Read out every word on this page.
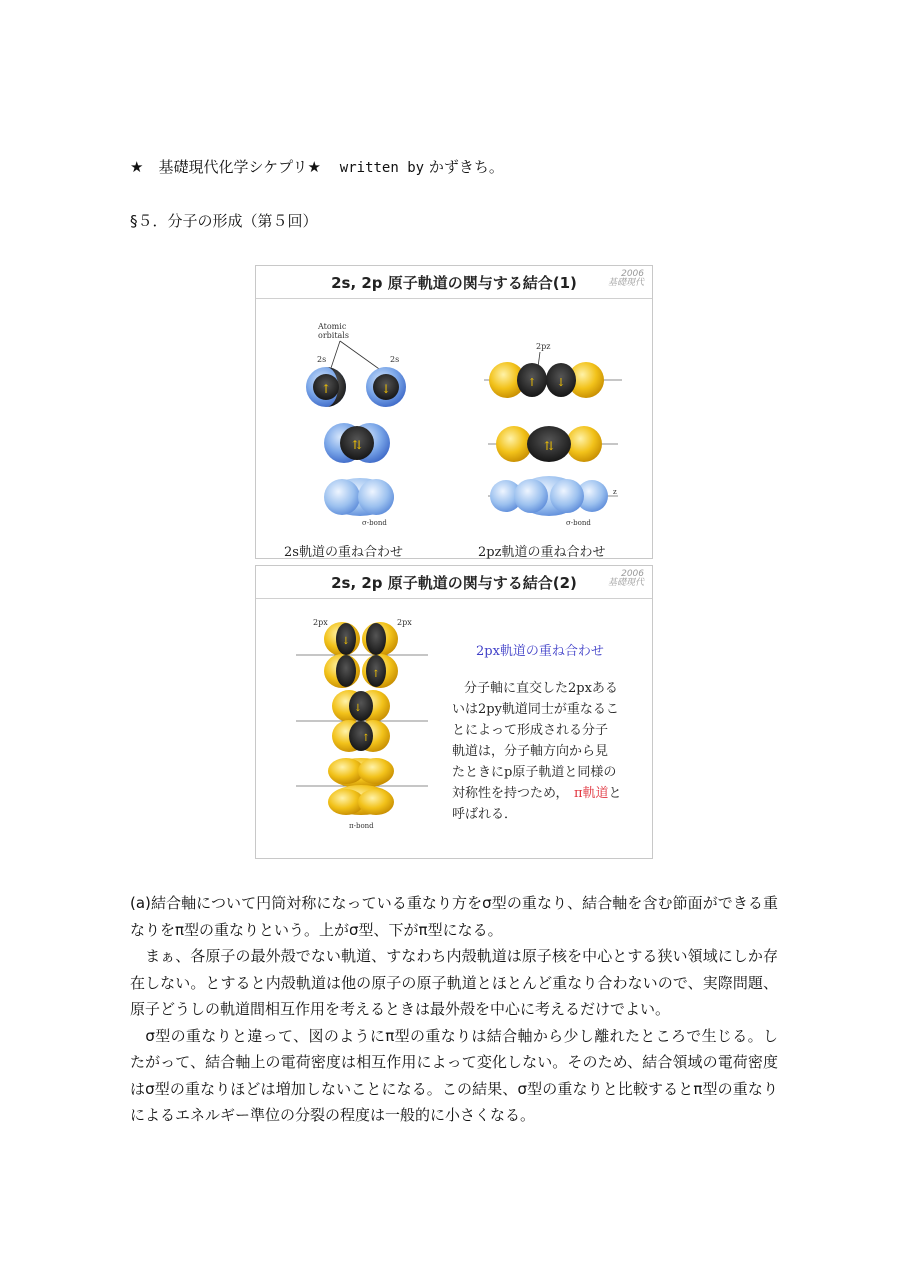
★　基礎現代化学シケプリ★ written by かずきち。
§５．分子の形成（第５回）
2s, 2p 原子軌道の関与する結合(1)	2006
基礎現代
Atomic
orbitals
2s	2s
↑	↓
⇅
σ-bond
2s軌道の重ね合わせ
2pz
↑ ↓
⇅
z
σ-bond
2pz軌道の重ね合わせ
2s, 2p 原子軌道の関与する結合(2)	2006
基礎現代
2px	2px
↓
↑
↓
↑
π-bond
2px軌道の重ね合わせ
分子軸に直交した2pxある いは2py軌道同士が重なるこ とによって形成される分子 軌道は，分子軸方向から見 たときにp原子軌道と同様の 対称性を持つため， 呼ばれる．
π軌道と

(a)結合軸について円筒対称になっている重なり方をσ型の重なり、結合軸を含む節面ができる重なりをπ型の重なりという。上がσ型、下がπ型になる。

　まぁ、各原子の最外殻でない軌道、すなわち内殻軌道は原子核を中心とする狭い領域にしか存在しない。とすると内殻軌道は他の原子の原子軌道とほとんど重なり合わないので、実際問題、原子どうしの軌道間相互作用を考えるときは最外殻を中心に考えるだけでよい。

　σ型の重なりと違って、図のようにπ型の重なりは結合軸から少し離れたところで生じる。したがって、結合軸上の電荷密度は相互作用によって変化しない。そのため、結合領域の電荷密度はσ型の重なりほどは増加しないことになる。この結果、σ型の重なりと比較するとπ型の重なりによるエネルギー準位の分裂の程度は一般的に小さくなる。
